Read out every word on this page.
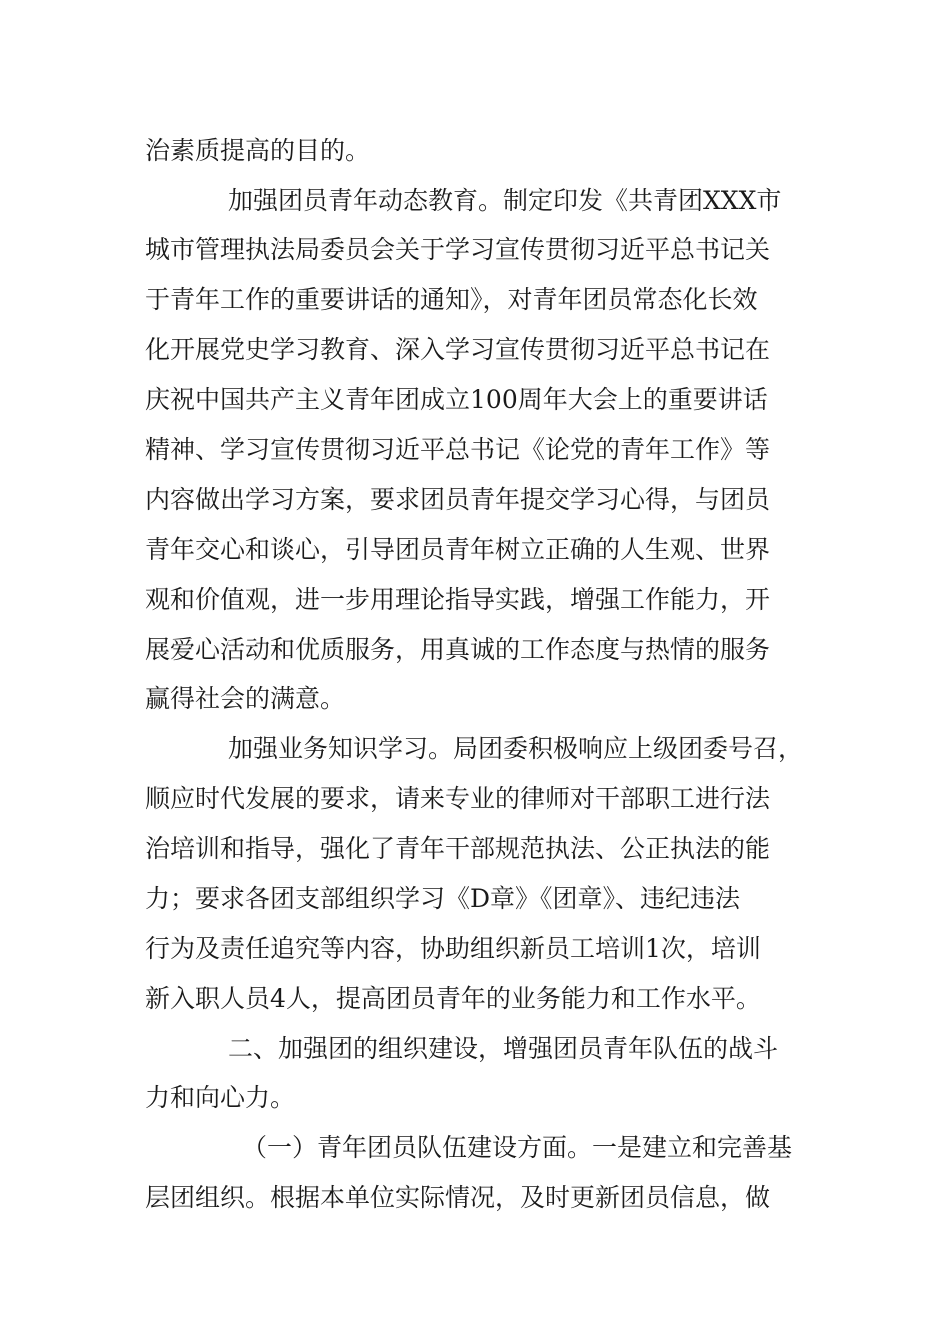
治素质提高的目的。
加强团员青年动态教育。制定印发《共青团XXX市
城市管理执法局委员会关于学习宣传贯彻习近平总书记关
于青年工作的重要讲话的通知》，对青年团员常态化长效
化开展党史学习教育、深入学习宣传贯彻习近平总书记在
庆祝中国共产主义青年团成立100周年大会上的重要讲话
精神、学习宣传贯彻习近平总书记《论党的青年工作》等
内容做出学习方案，要求团员青年提交学习心得，与团员
青年交心和谈心，引导团员青年树立正确的人生观、世界
观和价值观，进一步用理论指导实践，增强工作能力，开
展爱心活动和优质服务，用真诚的工作态度与热情的服务
赢得社会的满意。
加强业务知识学习。局团委积极响应上级团委号召，
顺应时代发展的要求，请来专业的律师对干部职工进行法
治培训和指导，强化了青年干部规范执法、公正执法的能
力；要求各团支部组织学习《D章》《团章》、违纪违法
行为及责任追究等内容，协助组织新员工培训1次，培训
新入职人员4人，提高团员青年的业务能力和工作水平。
二、加强团的组织建设，增强团员青年队伍的战斗
力和向心力。
（一）青年团员队伍建设方面。一是建立和完善基
层团组织。根据本单位实际情况，及时更新团员信息，做
